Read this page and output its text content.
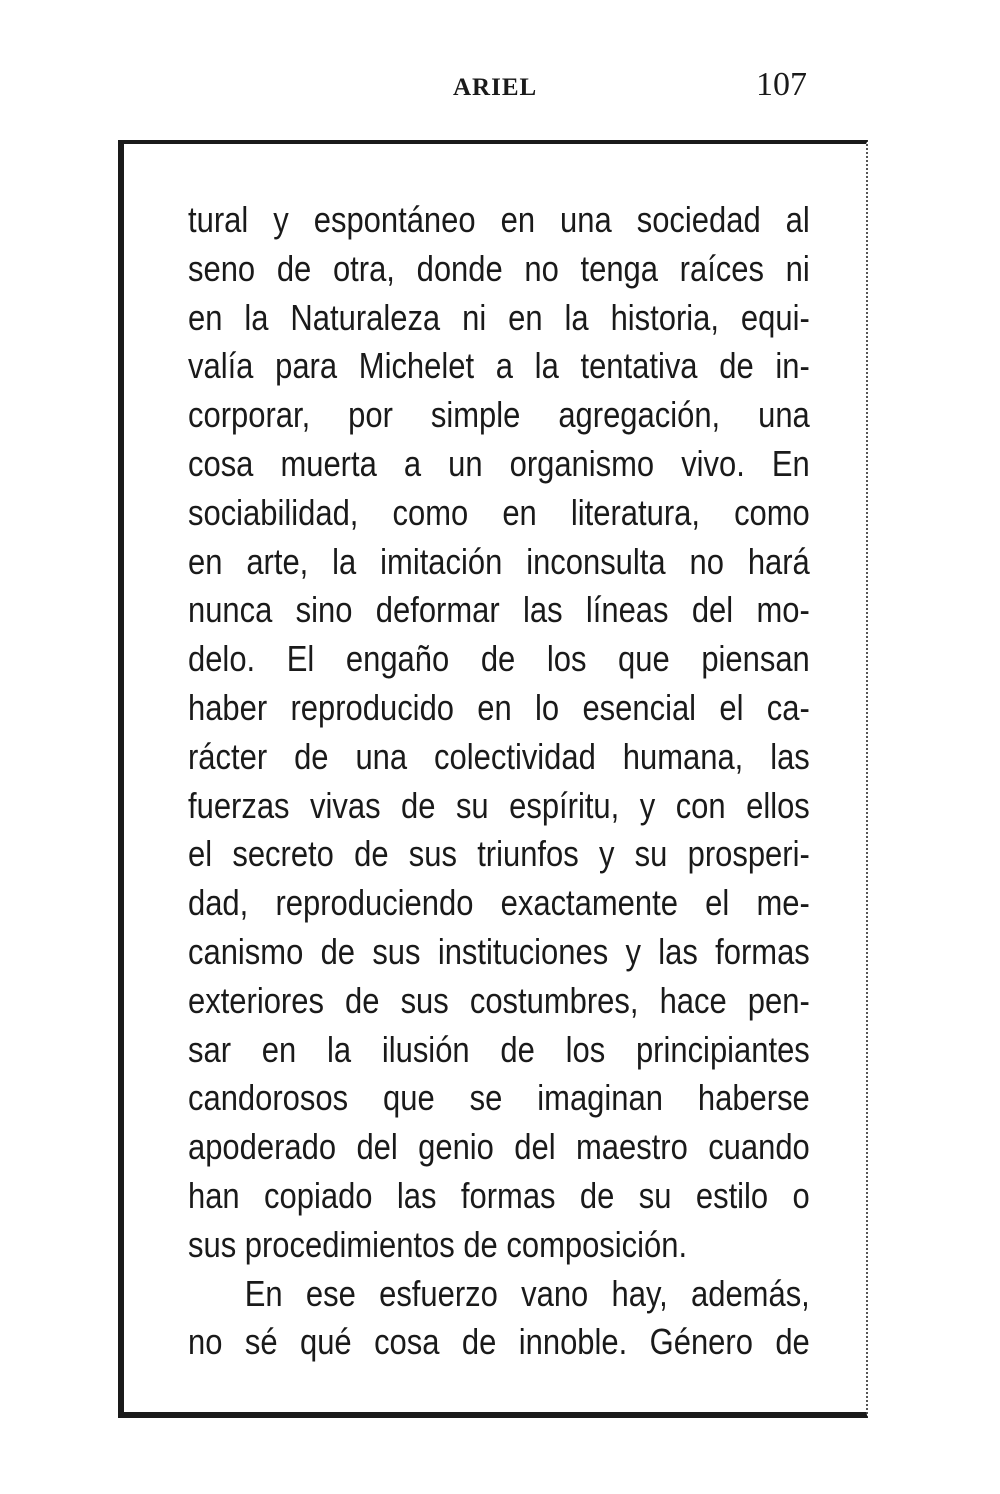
ARIEL	107
tural y espontáneo en una sociedad al
seno de otra, donde no tenga raíces ni
en la Naturaleza ni en la historia, equi-
valía para Michelet a la tentativa de in-
corporar, por simple agregación, una
cosa muerta a un organismo vivo. En
sociabilidad, como en literatura, como
en arte, la imitación inconsulta no hará
nunca sino deformar las líneas del mo-
delo. El engaño de los que piensan
haber reproducido en lo esencial el ca-
rácter de una colectividad humana, las
fuerzas vivas de su espíritu, y con ellos
el secreto de sus triunfos y su prosperi-
dad, reproduciendo exactamente el me-
canismo de sus instituciones y las formas
exteriores de sus costumbres, hace pen-
sar en la ilusión de los principiantes
candorosos que se imaginan haberse
apoderado del genio del maestro cuando
han copiado las formas de su estilo o
sus procedimientos de composición.
En ese esfuerzo vano hay, además,
no sé qué cosa de innoble. Género de
